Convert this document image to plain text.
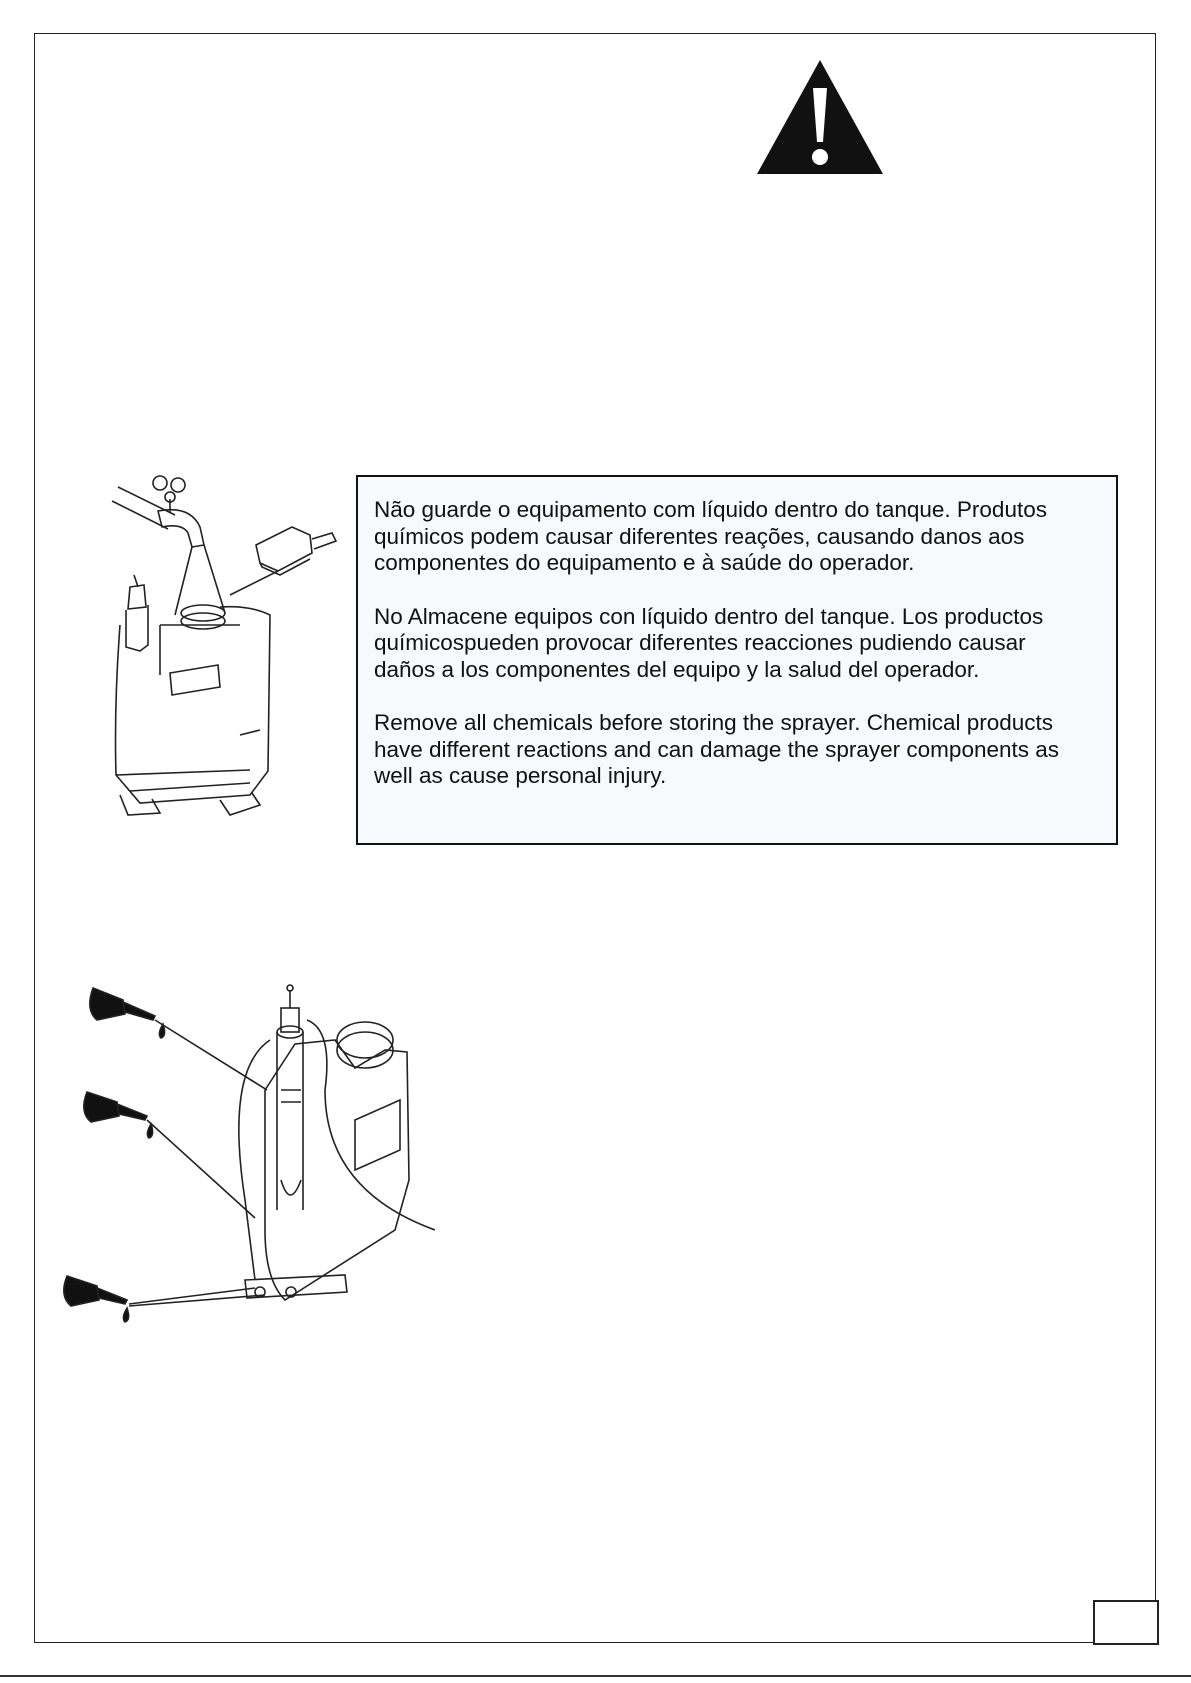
Não guarde o equipamento com líquido dentro do tanque. Produtos
químicos podem causar diferentes reações, causando danos aos
componentes do equipamento e à saúde do operador.

No Almacene equipos con líquido dentro del tanque. Los productos
químicospueden provocar diferentes reacciones pudiendo causar
daños a los componentes del equipo y la salud del operador.

Remove all chemicals before storing the sprayer. Chemical products
have different reactions and can damage the sprayer components as
well as cause personal injury.
